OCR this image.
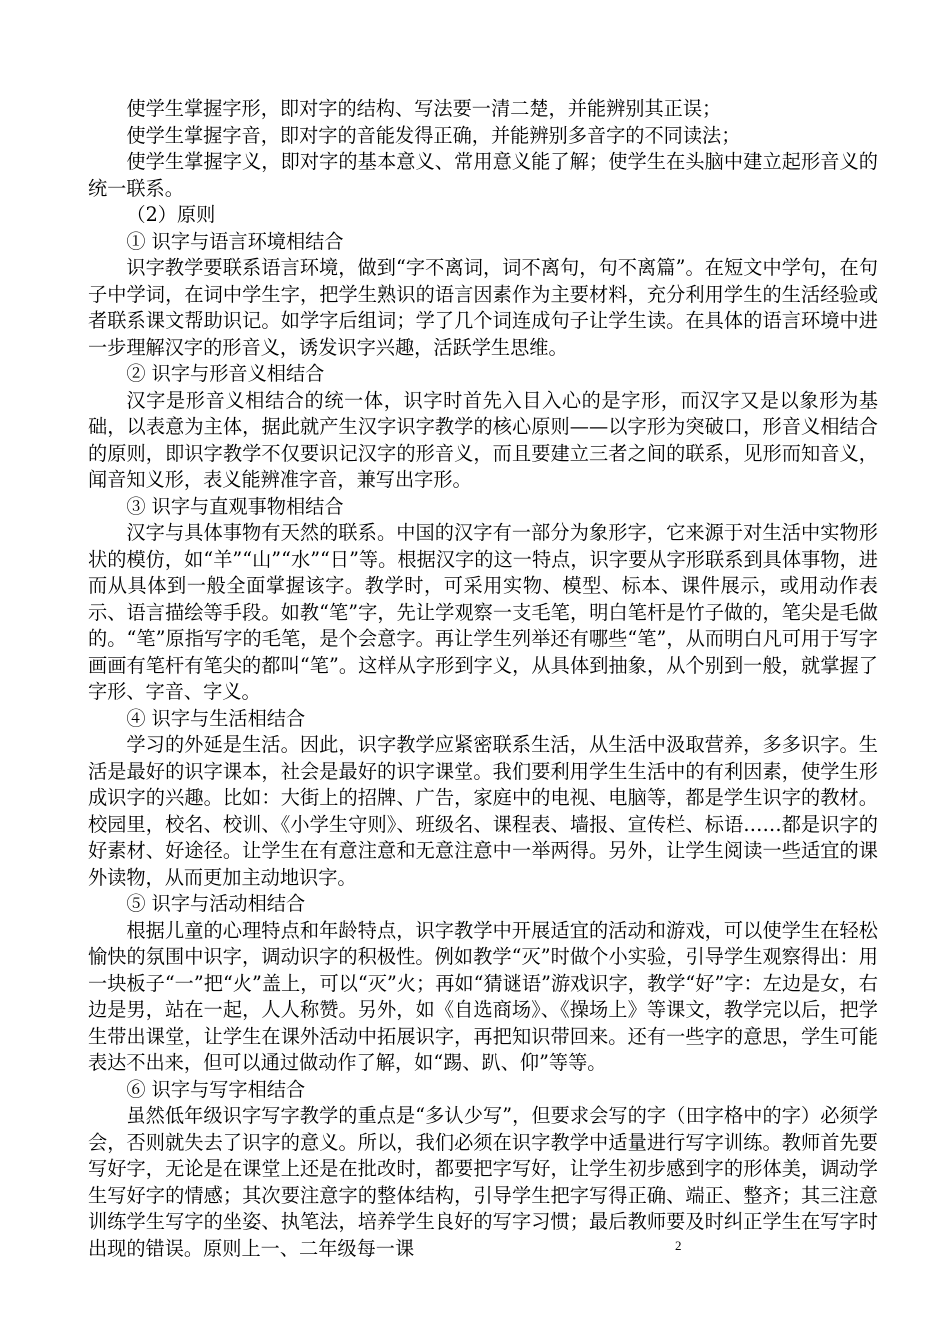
使学生掌握字形，即对字的结构、写法要一清二楚，并能辨别其正误；

使学生掌握字音，即对字的音能发得正确，并能辨别多音字的不同读法；

使学生掌握字义，即对字的基本意义、常用意义能了解；使学生在头脑中建立起形音义的统一联系。

（2）原则

① 识字与语言环境相结合

识字教学要联系语言环境，做到“字不离词，词不离句，句不离篇”。在短文中学句，在句子中学词，在词中学生字，把学生熟识的语言因素作为主要材料，充分利用学生的生活经验或者联系课文帮助识记。如学字后组词；学了几个词连成句子让学生读。在具体的语言环境中进一步理解汉字的形音义，诱发识字兴趣，活跃学生思维。

② 识字与形音义相结合

汉字是形音义相结合的统一体，识字时首先入目入心的是字形，而汉字又是以象形为基础，以表意为主体，据此就产生汉字识字教学的核心原则——以字形为突破口，形音义相结合的原则，即识字教学不仅要识记汉字的形音义，而且要建立三者之间的联系，见形而知音义，闻音知义形，表义能辨准字音，兼写出字形。

③ 识字与直观事物相结合

汉字与具体事物有天然的联系。中国的汉字有一部分为象形字，它来源于对生活中实物形状的模仿，如“羊”“山”“水”“日”等。根据汉字的这一特点，识字要从字形联系到具体事物，进而从具体到一般全面掌握该字。教学时，可采用实物、模型、标本、课件展示，或用动作表示、语言描绘等手段。如教“笔”字，先让学观察一支毛笔，明白笔杆是竹子做的，笔尖是毛做的。“笔”原指写字的毛笔，是个会意字。再让学生列举还有哪些“笔”，从而明白凡可用于写字画画有笔杆有笔尖的都叫“笔”。这样从字形到字义，从具体到抽象，从个别到一般，就掌握了字形、字音、字义。

④ 识字与生活相结合

学习的外延是生活。因此，识字教学应紧密联系生活，从生活中汲取营养，多多识字。生活是最好的识字课本，社会是最好的识字课堂。我们要利用学生生活中的有利因素，使学生形成识字的兴趣。比如：大街上的招牌、广告，家庭中的电视、电脑等，都是学生识字的教材。校园里，校名、校训、《小学生守则》、班级名、课程表、墙报、宣传栏、标语……都是识字的好素材、好途径。让学生在有意注意和无意注意中一举两得。另外，让学生阅读一些适宜的课外读物，从而更加主动地识字。

⑤ 识字与活动相结合

根据儿童的心理特点和年龄特点，识字教学中开展适宜的活动和游戏，可以使学生在轻松愉快的氛围中识字，调动识字的积极性。例如教学“灭”时做个小实验，引导学生观察得出：用一块板子“一”把“火”盖上，可以“灭”火；再如“猜谜语”游戏识字，教学“好”字：左边是女，右边是男，站在一起，人人称赞。另外，如《自选商场》、《操场上》等课文，教学完以后，把学生带出课堂，让学生在课外活动中拓展识字，再把知识带回来。还有一些字的意思，学生可能表达不出来，但可以通过做动作了解，如“踢、趴、仰”等等。

⑥ 识字与写字相结合

虽然低年级识字写字教学的重点是“多认少写”，但要求会写的字（田字格中的字）必须学会，否则就失去了识字的意义。所以，我们必须在识字教学中适量进行写字训练。教师首先要写好字，无论是在课堂上还是在批改时，都要把字写好，让学生初步感到字的形体美，调动学生写好字的情感；其次要注意字的整体结构，引导学生把字写得正确、端正、整齐；其三注意训练学生写字的坐姿、执笔法，培养学生良好的写字习惯；最后教师要及时纠正学生在写字时出现的错误。原则上一、二年级每一课	2
